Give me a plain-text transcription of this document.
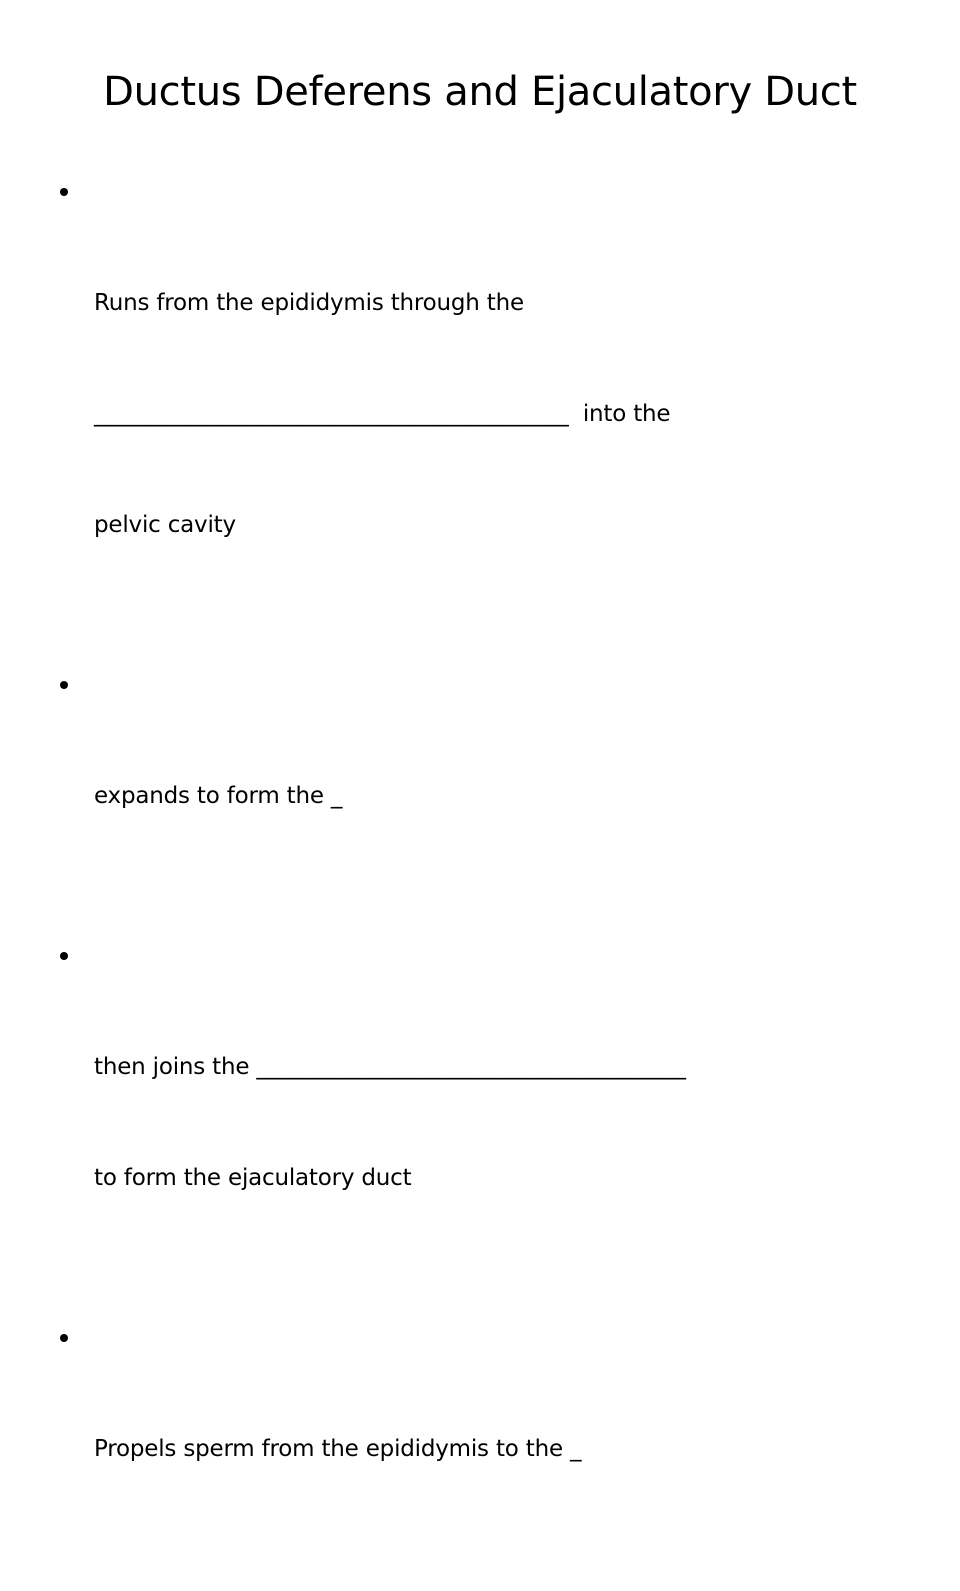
Ductus Deferens and Ejaculatory Duct

Runs from the epididymis through the

__________________________________________  into the

pelvic cavity

expands to form the _

then joins the ______________________________________

to form the ejaculatory duct

Propels sperm from the epididymis to the _
